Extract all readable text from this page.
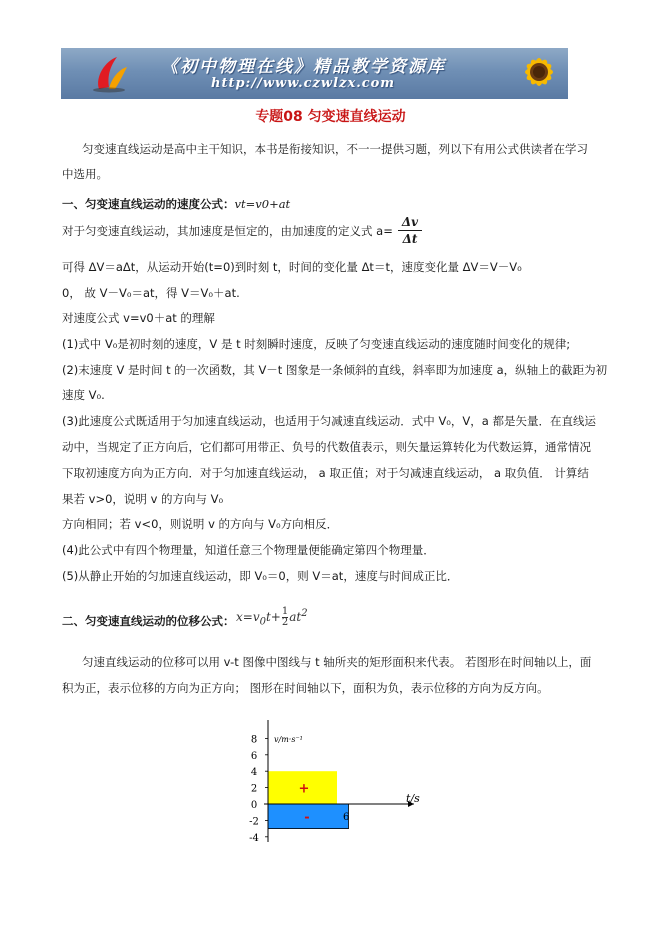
《初中物理在线》精品教学资源库
http://www.czwlzx.com
专题08 匀变速直线运动
匀变速直线运动是高中主干知识，本书是衔接知识，不一一提供习题，列以下有用公式供读者在学习
中选用。
一、匀变速直线运动的速度公式：vt=v0+at
对于匀变速直线运动，其加速度是恒定的，由加速度的定义式 a=
Δv
Δt
可得 ΔV＝aΔt，从运动开始(t=0)到时刻 t，时间的变化量 Δt＝t，速度变化量 ΔV＝V－V₀
0， 故 V－V₀＝at，得 V＝V₀＋at.
对速度公式 v=v0＋at 的理解
(1)式中 V₀是初时刻的速度，V 是 t 时刻瞬时速度，反映了匀变速直线运动的速度随时间变化的规律;
(2)末速度 V 是时间 t 的一次函数，其 V－t 图象是一条倾斜的直线，斜率即为加速度 a，纵轴上的截距为初
速度 V₀.
(3)此速度公式既适用于匀加速直线运动，也适用于匀减速直线运动．式中 V₀，V，a 都是矢量．在直线运
动中，当规定了正方向后，它们都可用带正、负号的代数值表示，则矢量运算转化为代数运算，通常情况
下取初速度方向为正方向．对于匀加速直线运动， a 取正值；对于匀减速直线运动， a 取负值． 计算结
果若 v>0，说明 v 的方向与 V₀
方向相同；若 v<0，则说明 v 的方向与 V₀方向相反．
(4)此公式中有四个物理量，知道任意三个物理量便能确定第四个物理量．
(5)从静止开始的匀加速直线运动，即 V₀＝0，则 V＝at，速度与时间成正比．
二、匀变速直线运动的位移公式： $x=v_0t+ \frac{1}{2} at^2$
匀速直线运动的位移可以用 v-t 图像中图线与 t 轴所夹的矩形面积来代表。 若图形在时间轴以上，面
积为正，表示位移的方向为正方向； 图形在时间轴以下，面积为负，表示位移的方向为反方向。
+
-
8
6
4
2
0
-2
-4
6
v/m·s⁻¹
t/s
